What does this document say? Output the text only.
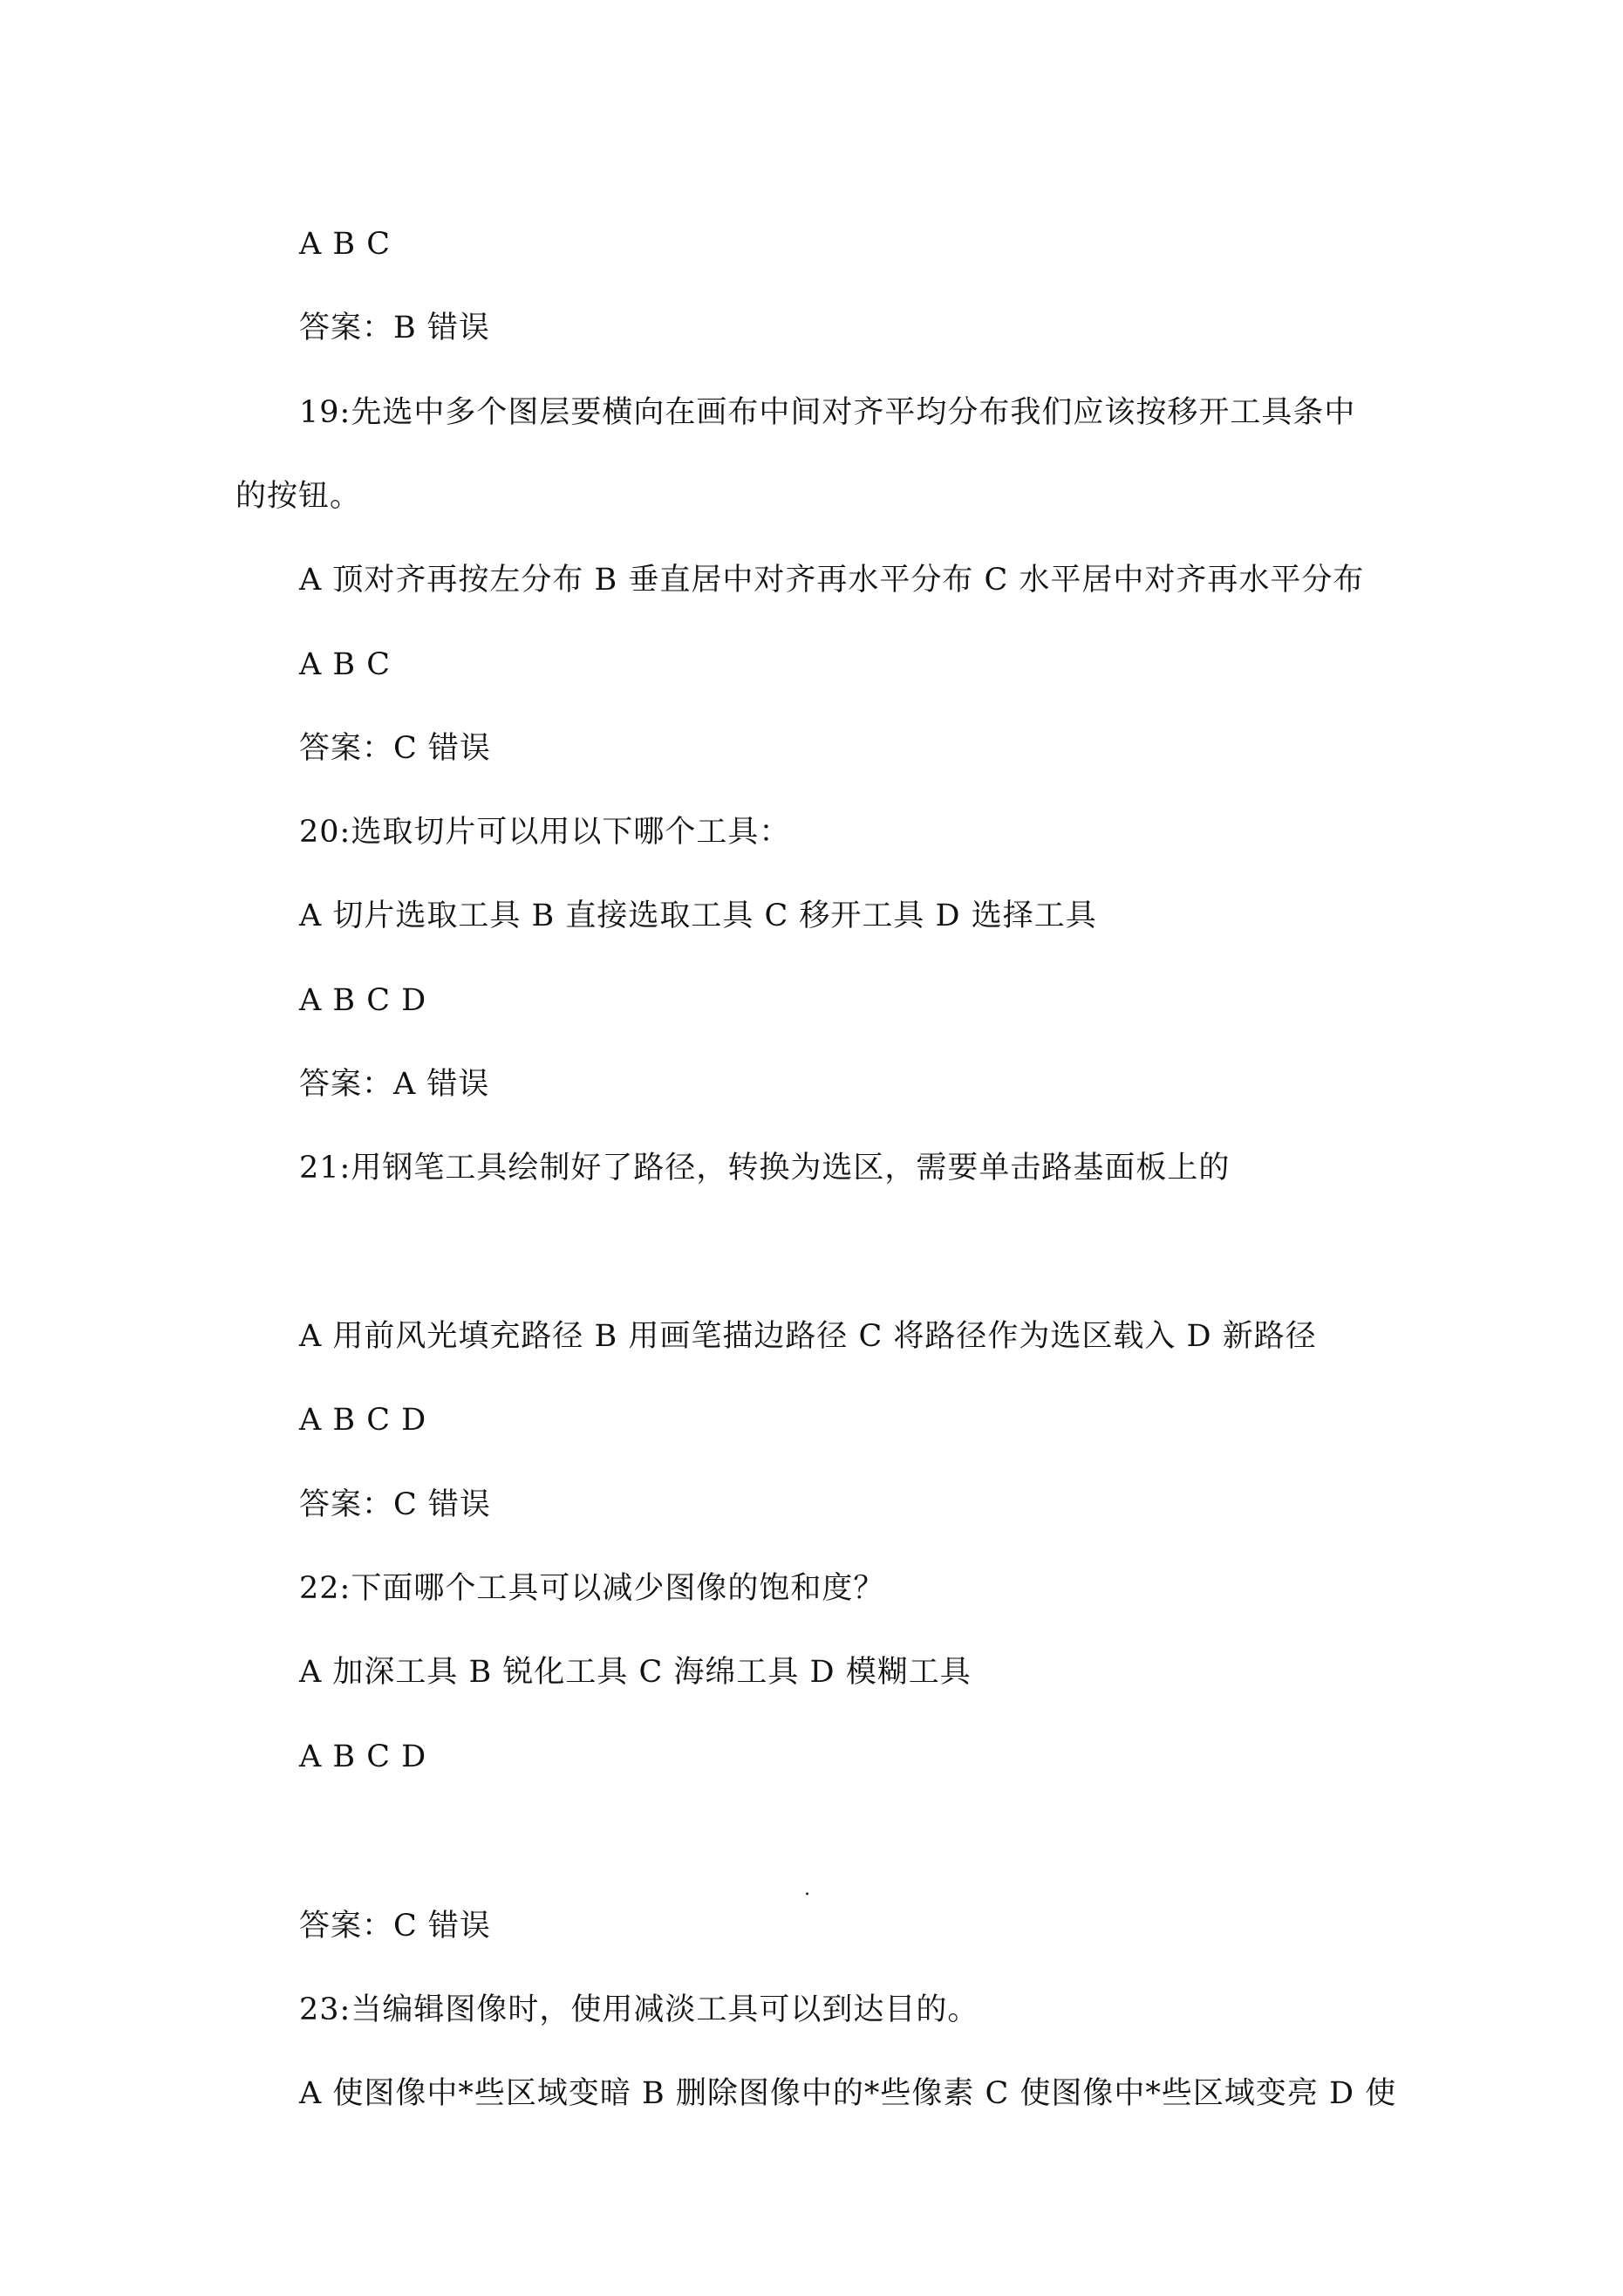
A B C
答案：B 错误
19:先选中多个图层要横向在画布中间对齐平均分布我们应该按移开工具条中
的按钮。
A 顶对齐再按左分布 B 垂直居中对齐再水平分布 C 水平居中对齐再水平分布
A B C
答案：C 错误
20:选取切片可以用以下哪个工具：
A 切片选取工具 B 直接选取工具 C 移开工具 D 选择工具
A B C D
答案：A 错误
21:用钢笔工具绘制好了路径，转换为选区，需要单击路基面板上的
A 用前风光填充路径 B 用画笔描边路径 C 将路径作为选区载入 D 新路径
A B C D
答案：C 错误
22:下面哪个工具可以减少图像的饱和度？
A 加深工具 B 锐化工具 C 海绵工具 D 模糊工具
A B C D
.
答案：C 错误
23:当编辑图像时，使用减淡工具可以到达目的。
A 使图像中*些区域变暗 B 删除图像中的*些像素 C 使图像中*些区域变亮 D 使
